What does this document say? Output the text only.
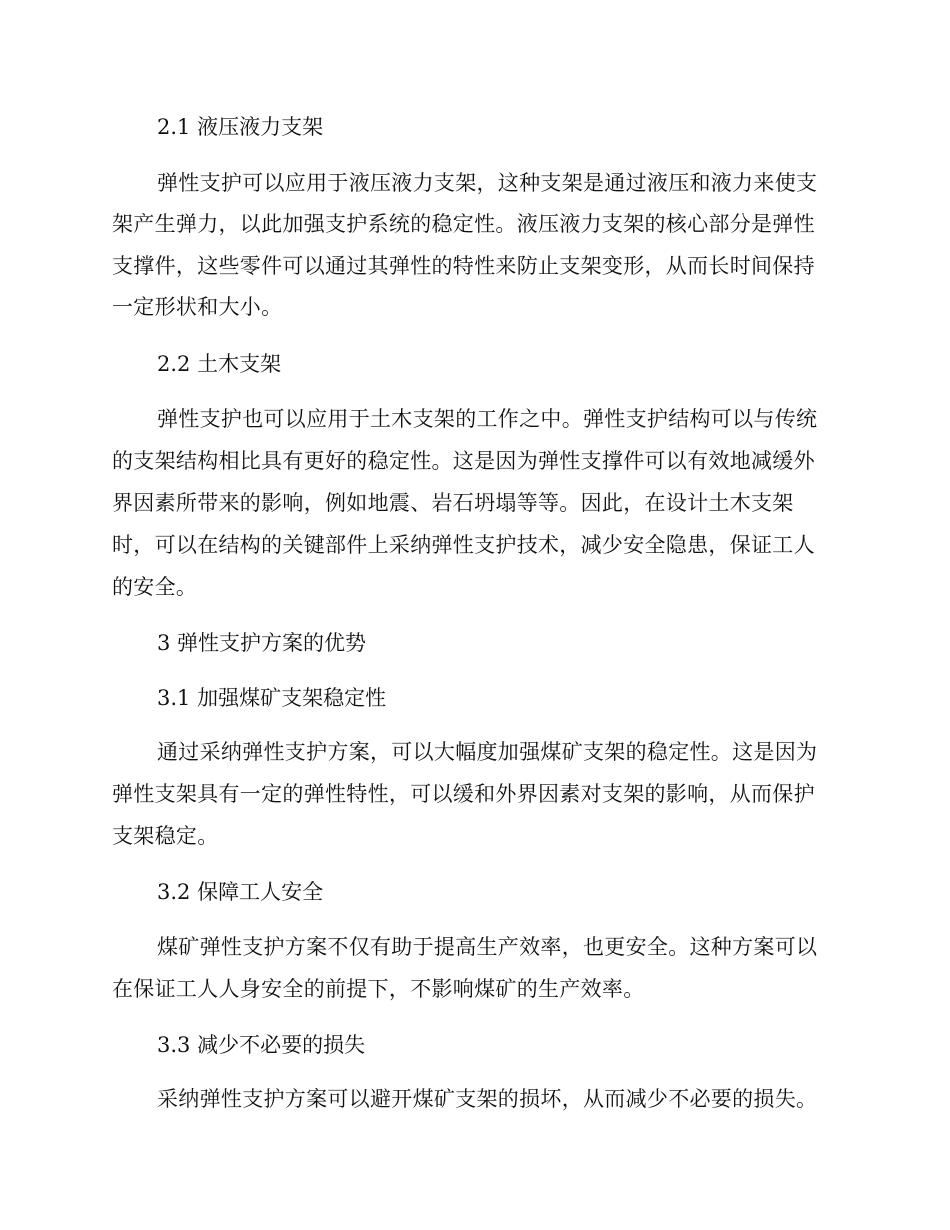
2.1 液压液力支架

弹性支护可以应用于液压液力支架，这种支架是通过液压和液力来使支

架产生弹力，以此加强支护系统的稳定性。液压液力支架的核心部分是弹性

支撑件，这些零件可以通过其弹性的特性来防止支架变形，从而长时间保持

一定形状和大小。

2.2 土木支架

弹性支护也可以应用于土木支架的工作之中。弹性支护结构可以与传统

的支架结构相比具有更好的稳定性。这是因为弹性支撑件可以有效地减缓外

界因素所带来的影响，例如地震、岩石坍塌等等。因此，在设计土木支架

时，可以在结构的关键部件上采纳弹性支护技术，减少安全隐患，保证工人

的安全。

3 弹性支护方案的优势
3.1 加强煤矿支架稳定性

通过采纳弹性支护方案，可以大幅度加强煤矿支架的稳定性。这是因为

弹性支架具有一定的弹性特性，可以缓和外界因素对支架的影响，从而保护

支架稳定。

3.2 保障工人安全

煤矿弹性支护方案不仅有助于提高生产效率，也更安全。这种方案可以

在保证工人人身安全的前提下，不影响煤矿的生产效率。

3.3 减少不必要的损失

采纳弹性支护方案可以避开煤矿支架的损坏，从而减少不必要的损失。
